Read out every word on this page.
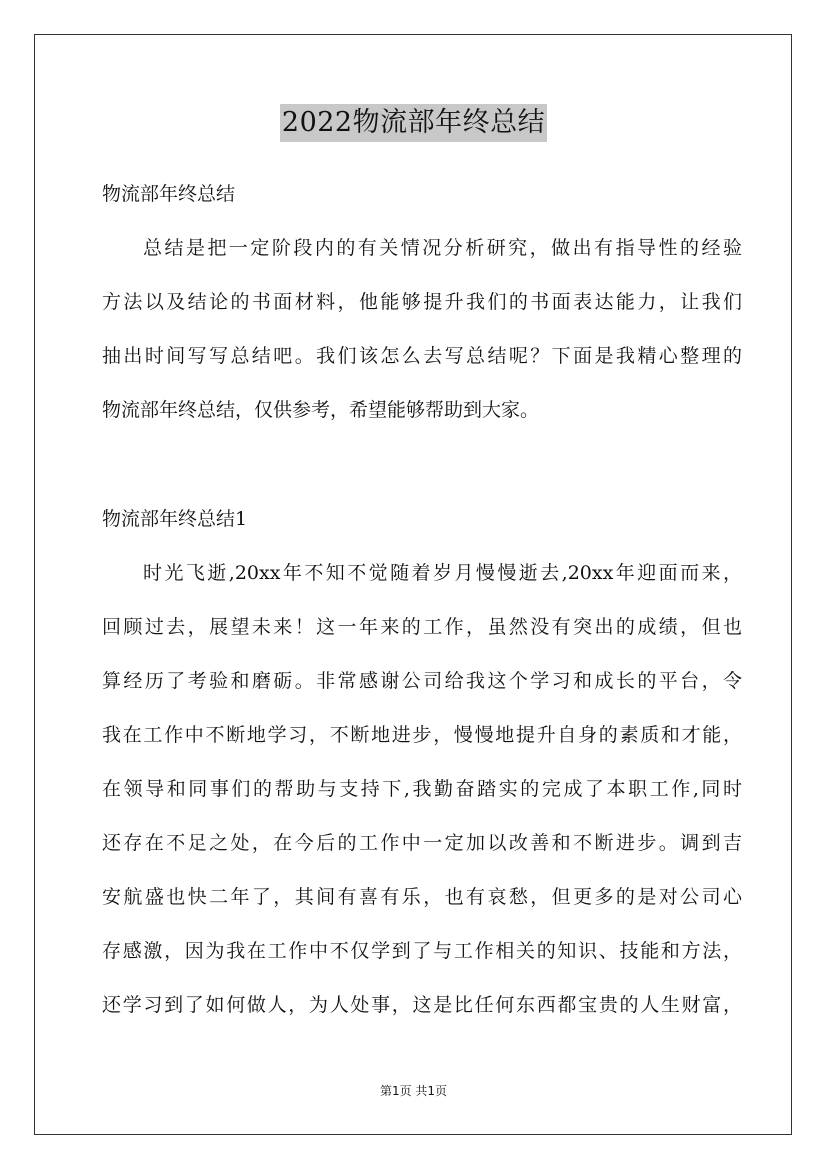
2022物流部年终总结
物流部年终总结
总结是把一定阶段内的有关情况分析研究，做出有指导性的经验
方法以及结论的书面材料，他能够提升我们的书面表达能力，让我们
抽出时间写写总结吧。我们该怎么去写总结呢？下面是我精心整理的
物流部年终总结，仅供参考，希望能够帮助到大家。
物流部年终总结1
时光飞逝,20xx年不知不觉随着岁月慢慢逝去,20xx年迎面而来，
回顾过去，展望未来！这一年来的工作，虽然没有突出的成绩，但也
算经历了考验和磨砺。非常感谢公司给我这个学习和成长的平台，令
我在工作中不断地学习，不断地进步，慢慢地提升自身的素质和才能，
在领导和同事们的帮助与支持下,我勤奋踏实的完成了本职工作,同时
还存在不足之处，在今后的工作中一定加以改善和不断进步。调到吉
安航盛也快二年了，其间有喜有乐，也有哀愁，但更多的是对公司心
存感激，因为我在工作中不仅学到了与工作相关的知识、技能和方法，
还学习到了如何做人，为人处事，这是比任何东西都宝贵的人生财富，
第1页 共1页
